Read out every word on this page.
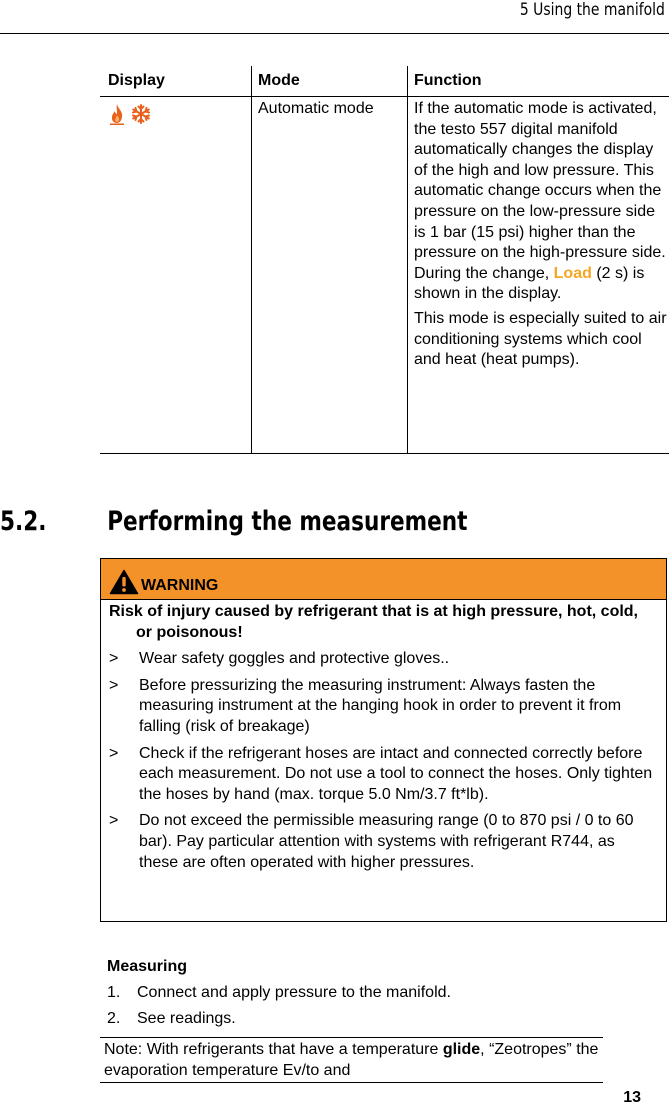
5 Using the manifold
Display	Mode	Function
	Automatic mode	If the automatic mode is activated, the testo 557 digital manifold automatically changes the display of the high and low pressure. This automatic change occurs when the pressure on the low-pressure side is 1 bar (15 psi) higher than the pressure on the high-pressure side. During the change, Load (2 s) is shown in the display.

This mode is especially suited to air conditioning systems which cool and heat (heat pumps).

5.2. Performing the measurement
WARNING

Risk of injury caused by refrigerant that is at high pressure, hot, cold, or poisonous!

>	Wear safety goggles and protective gloves..
>	Before pressurizing the measuring instrument: Always fasten the measuring instrument at the hanging hook in order to prevent it from falling (risk of breakage)
>	Check if the refrigerant hoses are intact and connected correctly before each measurement. Do not use a tool to connect the hoses. Only tighten the hoses by hand (max. torque 5.0 Nm/3.7 ft*lb).
>	Do not exceed the permissible measuring range (0 to 870 psi / 0 to 60 bar). Pay particular attention with systems with refrigerant R744, as these are often operated with higher pressures.
Measuring
1.	Connect and apply pressure to the manifold.
2.	See readings.
Note: With refrigerants that have a temperature glide, “Zeotropes” the evaporation temperature Ev/to and
13
